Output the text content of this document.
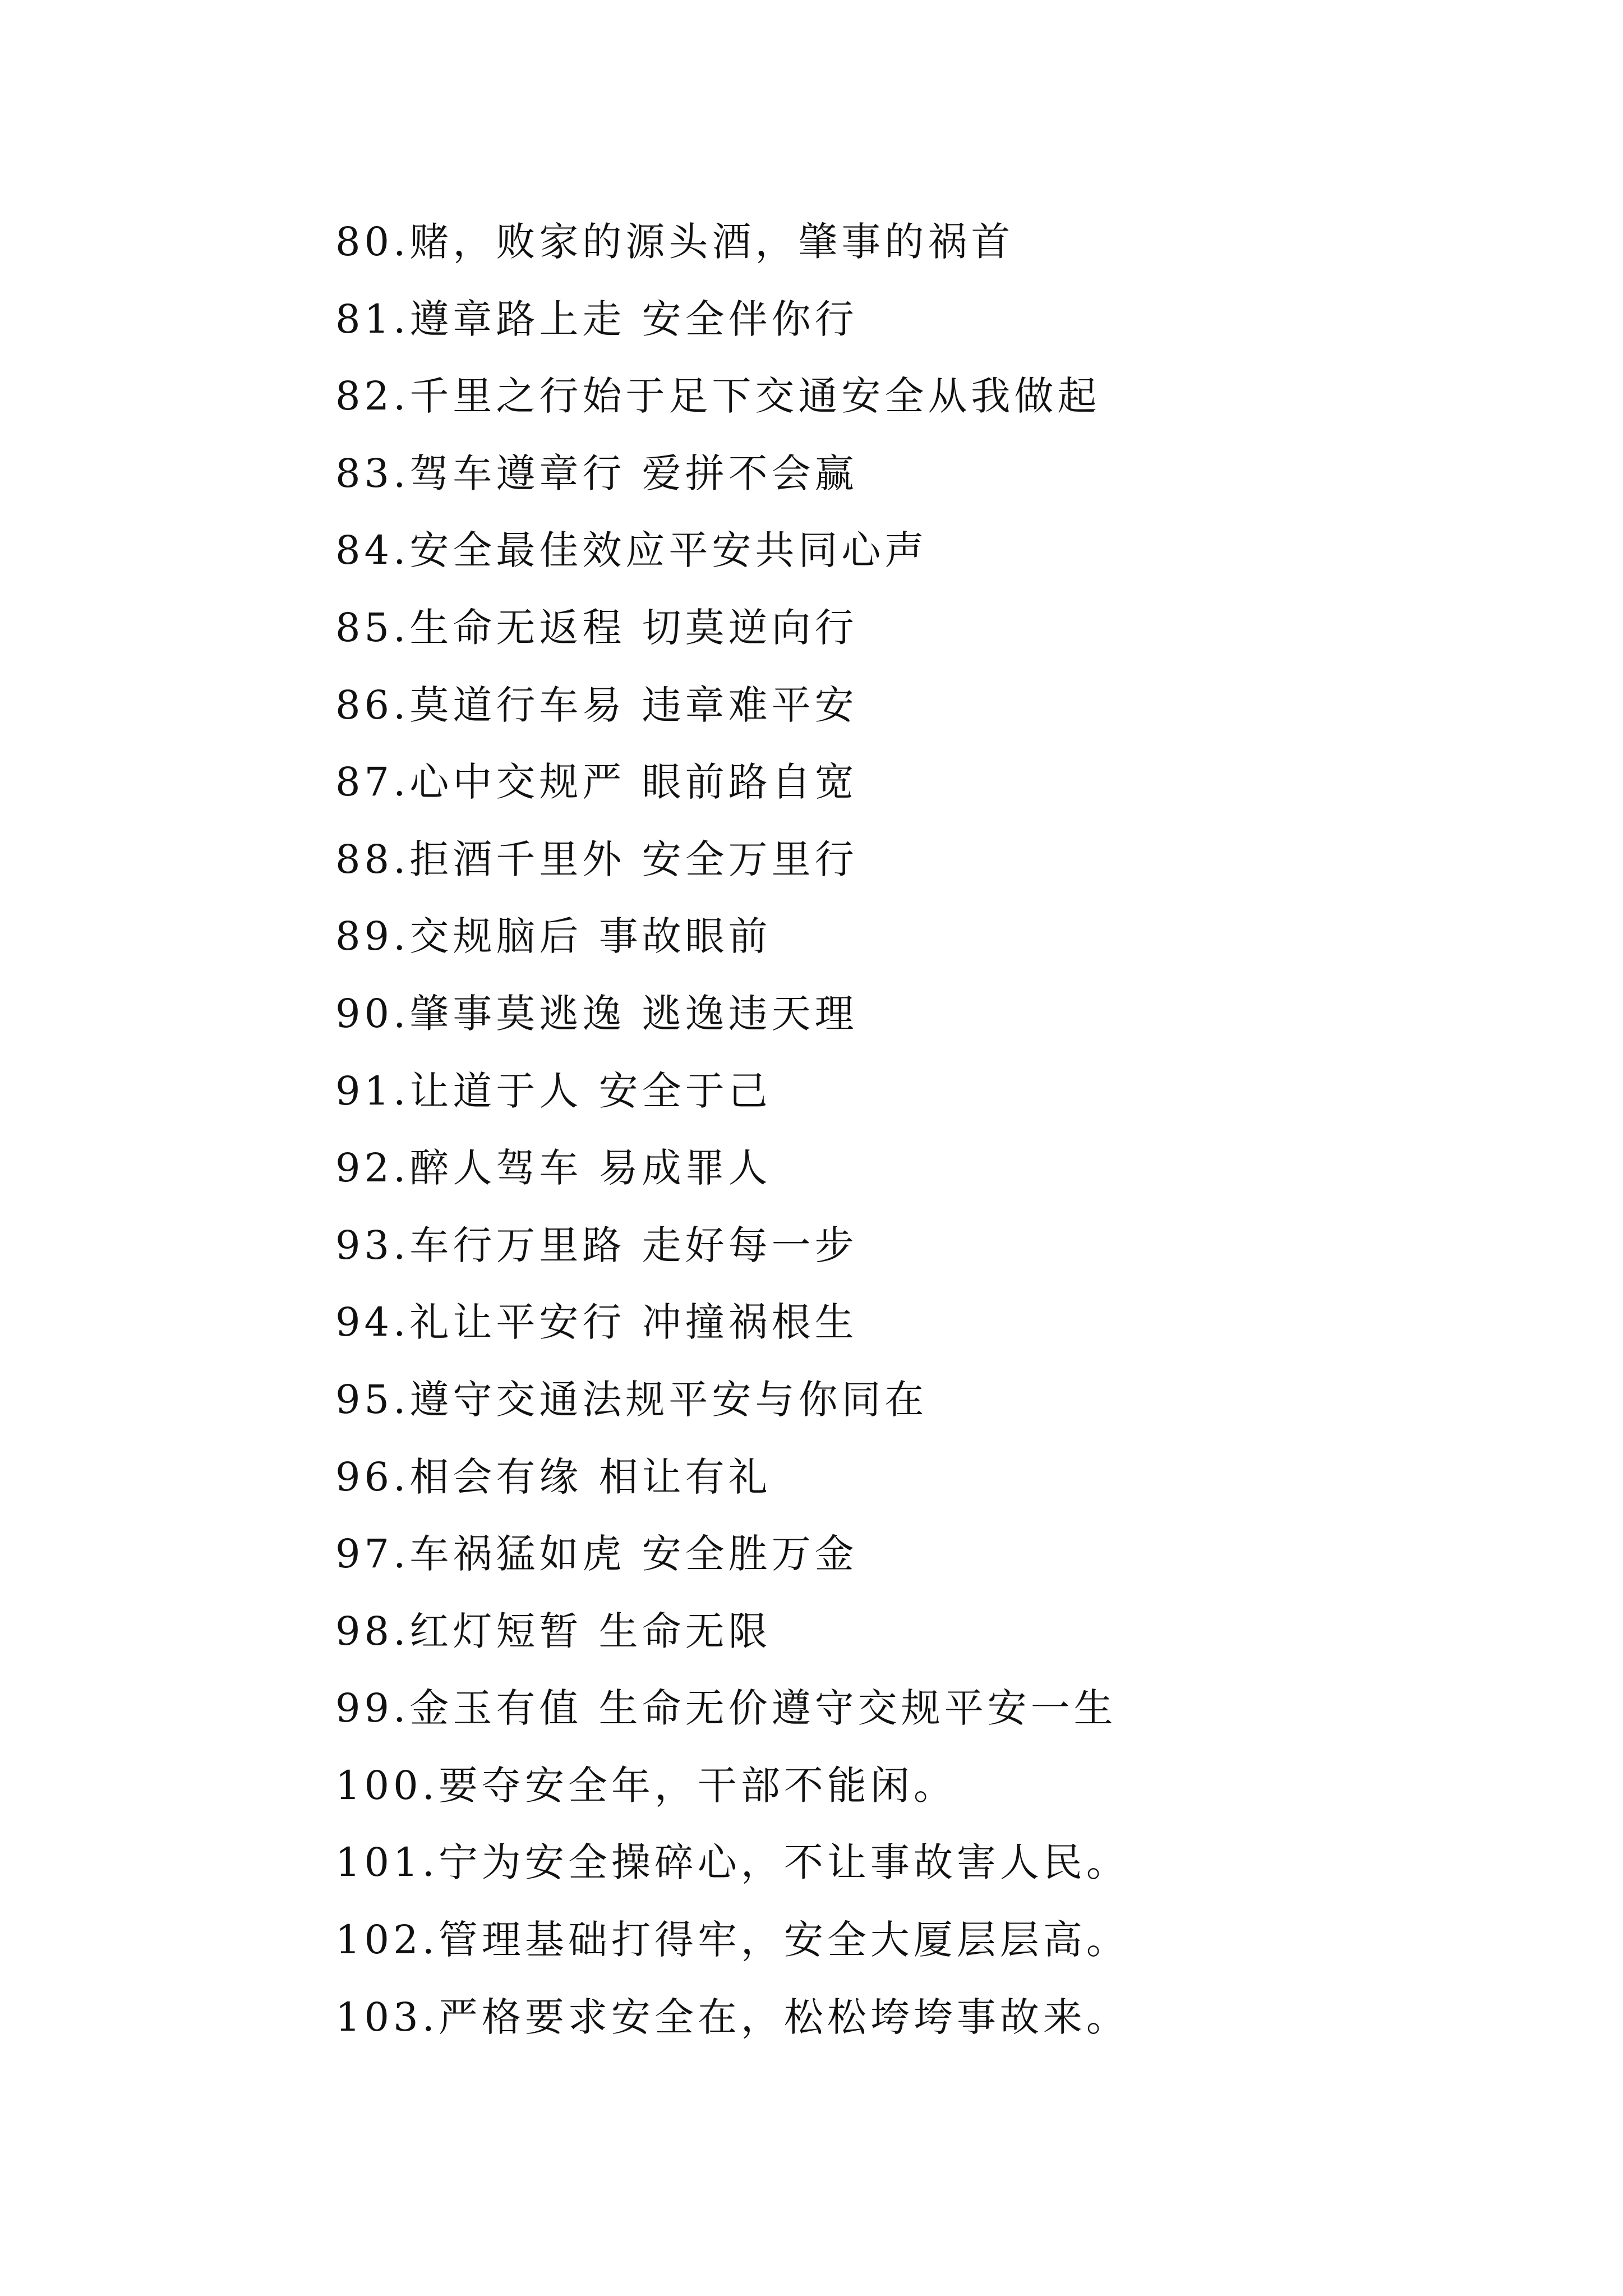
80.赌，败家的源头酒，肇事的祸首
81.遵章路上走 安全伴你行
82.千里之行始于足下交通安全从我做起
83.驾车遵章行 爱拼不会赢
84.安全最佳效应平安共同心声
85.生命无返程 切莫逆向行
86.莫道行车易 违章难平安
87.心中交规严 眼前路自宽
88.拒酒千里外 安全万里行
89.交规脑后 事故眼前
90.肇事莫逃逸 逃逸违天理
91.让道于人 安全于己
92.醉人驾车 易成罪人
93.车行万里路 走好每一步
94.礼让平安行 冲撞祸根生
95.遵守交通法规平安与你同在
96.相会有缘 相让有礼
97.车祸猛如虎 安全胜万金
98.红灯短暂 生命无限
99.金玉有值 生命无价遵守交规平安一生
100.要夺安全年，干部不能闲。
101.宁为安全操碎心，不让事故害人民。
102.管理基础打得牢，安全大厦层层高。
103.严格要求安全在，松松垮垮事故来。
